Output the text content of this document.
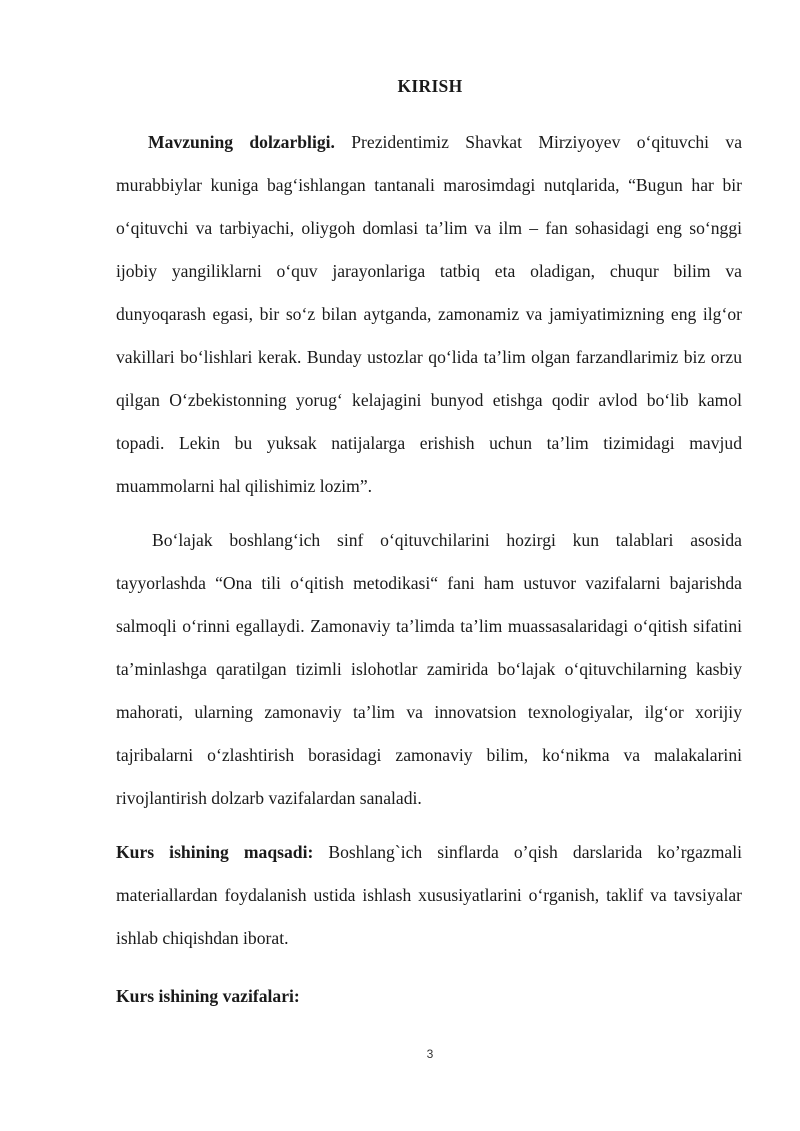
KIRISH

Mavzuning dolzarbligi. Prezidentimiz Shavkat Mirziyoyev o‘qituvchi va murabbiylar kuniga bag‘ishlangan tantanali marosimdagi nutqlarida, “Bugun har bir o‘qituvchi va tarbiyachi, oliygoh domlasi ta’lim va ilm – fan sohasidagi eng so‘nggi ijobiy yangiliklarni o‘quv jarayonlariga tatbiq eta oladigan, chuqur bilim va dunyoqarash egasi, bir so‘z bilan aytganda, zamonamiz va jamiyatimizning eng ilg‘or vakillari bo‘lishlari kerak. Bunday ustozlar qo‘lida ta’lim olgan farzandlarimiz biz orzu qilgan O‘zbekistonning yorug‘ kelajagini bunyod etishga qodir avlod bo‘lib kamol topadi. Lekin bu yuksak natijalarga erishish uchun ta’lim tizimidagi mavjud muammolarni hal qilishimiz lozim”.

Bo‘lajak boshlang‘ich sinf o‘qituvchilarini hozirgi kun talablari asosida tayyorlashda “Ona tili o‘qitish metodikasi“ fani ham ustuvor vazifalarni bajarishda salmoqli o‘rinni egallaydi. Zamonaviy ta’limda ta’lim muassasalaridagi o‘qitish sifatini ta’minlashga qaratilgan tizimli islohotlar zamirida bo‘lajak o‘qituvchilarning kasbiy mahorati, ularning zamonaviy ta’lim va innovatsion texnologiyalar, ilg‘or xorijiy tajribalarni o‘zlashtirish borasidagi zamonaviy bilim, ko‘nikma va malakalarini rivojlantirish dolzarb vazifalardan sanaladi.

Kurs ishining maqsadi: Boshlang`ich sinflarda o’qish darslarida ko’rgazmali materiallardan foydalanish ustida ishlash xususiyatlarini o‘rganish, taklif va tavsiyalar ishlab chiqishdan iborat.

Kurs ishining vazifalari:

3
